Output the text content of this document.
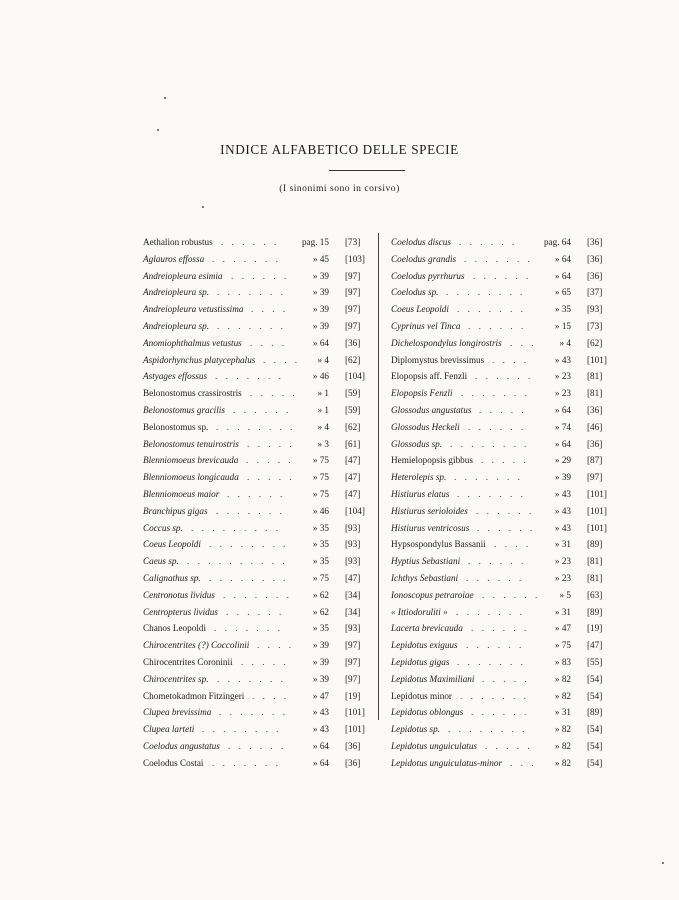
INDICE ALFABETICO DELLE SPECIE
(I sinonimi sono in corsivo)
Aethalion robustus . . . . . . pag. 15 [73]
Aglauros effossa . . . . . . .	» 45 [103]
Andreiopleura esimia . . . . . .	» 39 [97]
Andreiopleura sp. . . . . . . .	» 39 [97]
Andreiopleura vetustissima . . . .	» 39 [97]
Andreiopleura sp. . . . . . . .	» 39 [97]
Anomiophthalmus vetustus . . . .	» 64 [36]
Aspidorhynchus platycephalus . . . . » 4 [62]
Astyages effossus . . . . . . .	» 46 [104]
Belonostomus crassirostris . . . . . » 1 [59]
Belonostomus gracilis . . . . . .	» 1 [59]
Belonostomus sp. . . . . . . . . » 4 [62]
Belonostomus tenuirostris . . . . . » 3 [61]
Blenniomoeus brevicauda . . . . . » 75 [47]
Blenniomoeus longicauda . . . . . » 75 [47]
Blenniomoeus maior . . . . . .	» 75 [47]
Branchipus gigas . . . . . . .	» 46 [104]
Coccus sp. . . . . . . . . .	» 35 [93]
Coeus Leopoldi . . . . . . . .	» 35 [93]
Caeus sp. . . . . . . . . . .	» 35 [93]
Calignathus sp. . . . . . . . .	» 75 [47]
Centronotus lividus . . . . . . . » 62 [34]
Centropterus lividus . . . . . .	» 62 [34]
Chanos Leopoldi . . . . . . .	» 35 [93]
Chirocentrites (?) Coccolinii . . . . » 39 [97]
Chirocentrites Coroninii . . . . .	» 39 [97]
Chirocentrites sp. . . . . . . .	» 39 [97]
Chometokadmon Fitzingeri . . . .	» 47 [19]
Clupea brevissima . . . . . . .	» 43 [101]
Clupea larteti . . . . . . . .	» 43 [101]
Coelodus angustatus . . . . . .	» 64 [36]
Coelodus Costai . . . . . . .	» 64 [36]
Coelodus discus . . . . . .	pag. 64 [36]
Coelodus grandis . . . . . . . » 64 [36]
Coelodus pyrrhurus . . . . . .	» 64 [36]
Coelodus sp. . . . . . . . .	» 65 [37]
Coeus Leopoldi . . . . . . .	» 35 [93]
Cyprinus vel Tinca . . . . . .	» 15 [73]
Dichelospondylus longirostris . . .	» 4 [62]
Diplomystus brevissimus . . . .	» 43 [101]
Elopopsis aff. Fenzli . . . . . . » 23 [81]
Elopopsis Fenzli . . . . . . .	» 23 [81]
Glossodus angustatus . . . . .	» 64 [36]
Glossodus Heckeli . . . . . .	» 74 [46]
Glossodus sp. . . . . . . . .	» 64 [36]
Hemielopopsis gibbus . . . . .	» 29 [87]
Heterolepis sp. . . . . . . .	» 39 [97]
Histiurus elatus . . . . . . .	» 43 [101]
Histiurus serioloides . . . . . . » 43 [101]
Histiurus ventricosus . . . . . . » 43 [101]
Hypsospondylus Bassanii . . . .	» 31 [89]
Hyptius Sebastiani . . . . . .	» 23 [81]
Ichthys Sebastiani . . . . . .	» 23 [81]
Ionoscopus petraroiae . . . . . . » 5 [63]
« Ittiodoruliti » . . . . . . .	» 31 [89]
Lacerta brevicauda . . . . . .	» 47 [19]
Lepidotus exiguus . . . . . .	» 75 [47]
Lepidotus gigas . . . . . . .	» 83 [55]
Lepidotus Maximiliani . . . . .	» 82 [54]
Lepidotus minor . . . . . . .	» 82 [54]
Lepidotus oblongus . . . . . .	» 31 [89]
Lepidotus sp. . . . . . . . .	» 82 [54]
Lepidotus unguiculatus . . . . . » 82 [54]
Lepidotus unguiculatus-minor . . . » 82 [54]
